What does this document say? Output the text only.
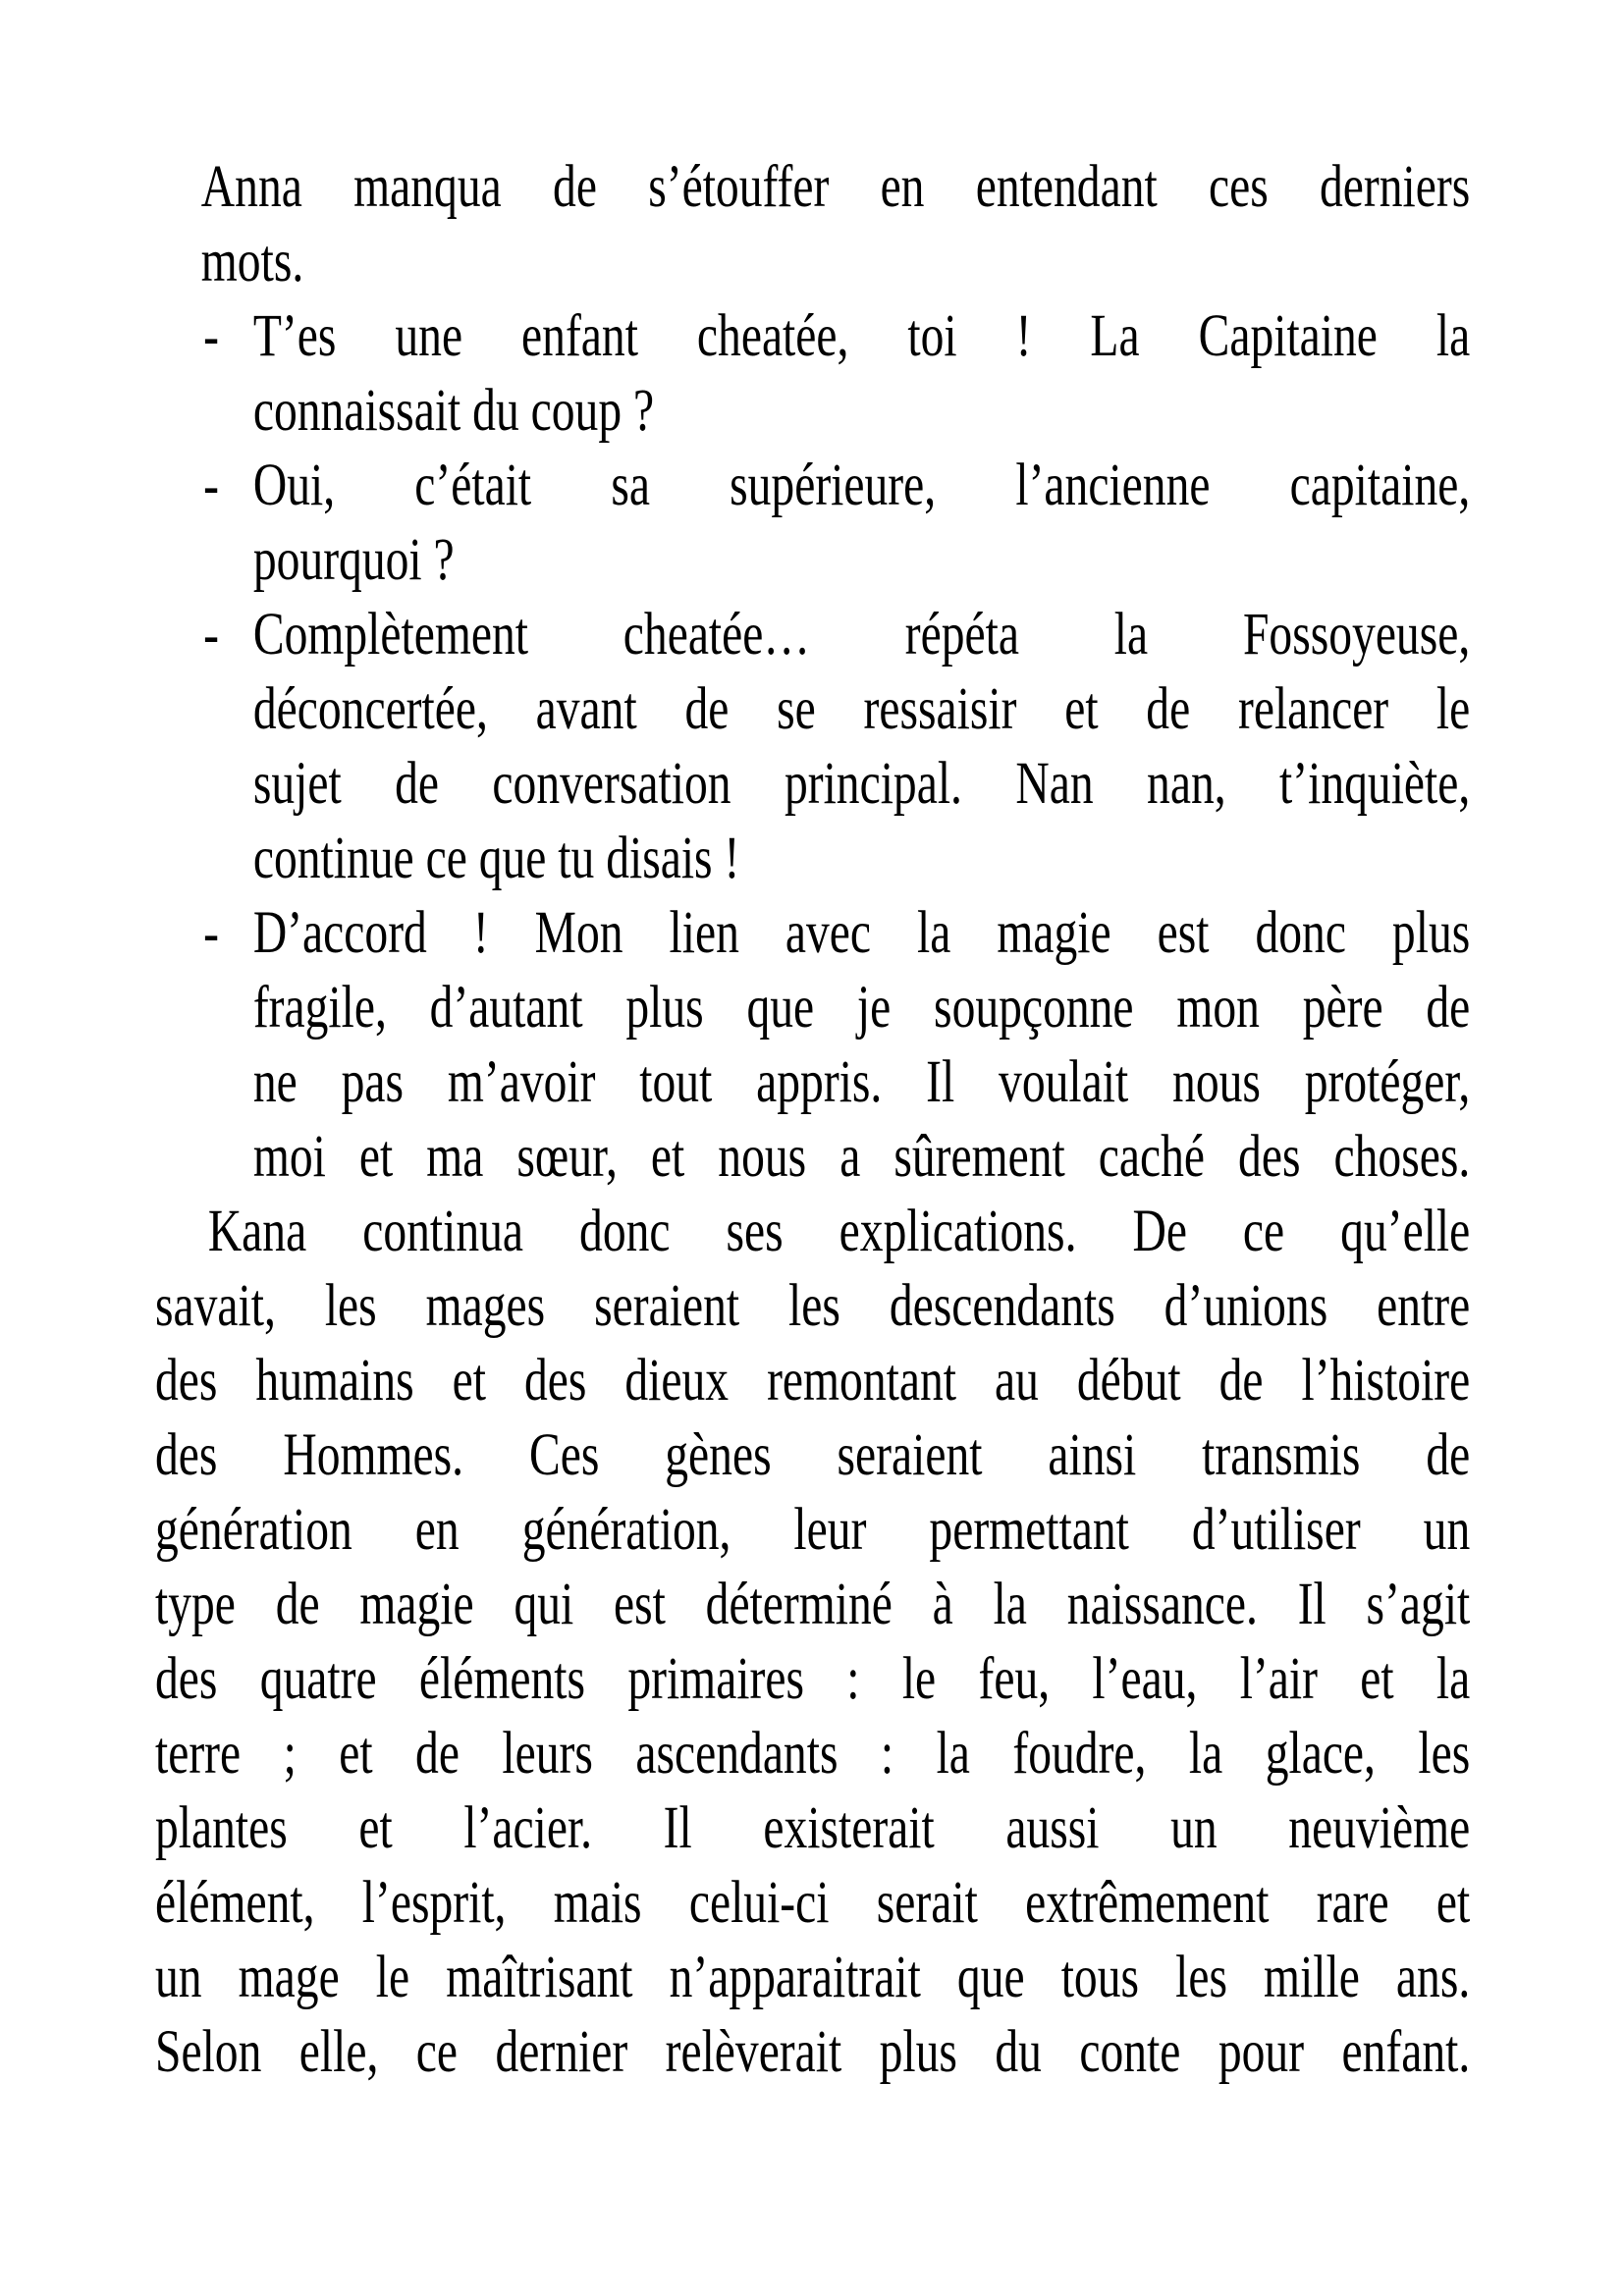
Anna manqua de s’étouffer en entendant ces derniers
mots.
- T’es une enfant cheatée, toi ! La Capitaine la
connaissait du coup ?
- Oui, c’était sa supérieure, l’ancienne capitaine,
pourquoi ?
- Complètement cheatée… répéta la Fossoyeuse,
déconcertée, avant de se ressaisir et de relancer le
sujet de conversation principal. Nan nan, t’inquiète,
continue ce que tu disais !
- D’accord ! Mon lien avec la magie est donc plus
fragile, d’autant plus que je soupçonne mon père de
ne pas m’avoir tout appris. Il voulait nous protéger,
moi et ma sœur, et nous a sûrement caché des choses.
Kana continua donc ses explications. De ce qu’elle
savait, les mages seraient les descendants d’unions entre
des humains et des dieux remontant au début de l’histoire
des Hommes. Ces gènes seraient ainsi transmis de
génération en génération, leur permettant d’utiliser un
type de magie qui est déterminé à la naissance. Il s’agit
des quatre éléments primaires : le feu, l’eau, l’air et la
terre ; et de leurs ascendants : la foudre, la glace, les
plantes et l’acier. Il existerait aussi un neuvième
élément, l’esprit, mais celui-ci serait extrêmement rare et
un mage le maîtrisant n’apparaitrait que tous les mille ans.
Selon elle, ce dernier relèverait plus du conte pour enfant.
